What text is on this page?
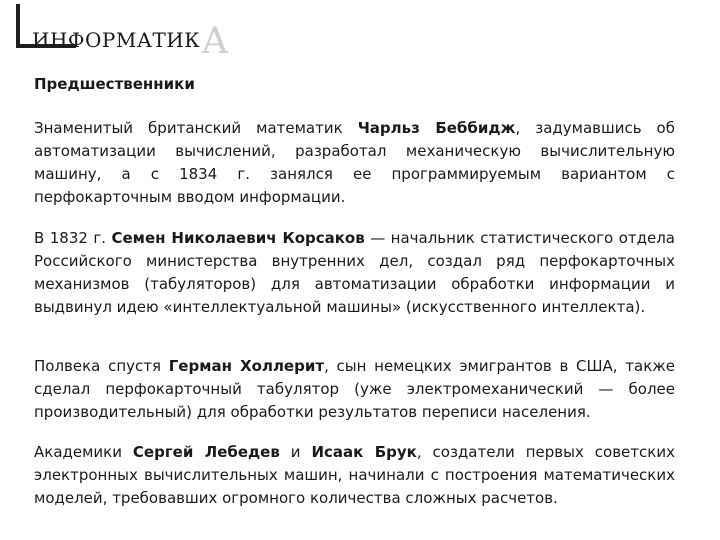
ИНФОРМАТИКА
Предшественники

Знаменитый британский математик Чарльз Беббидж, задумавшись об автоматизации вычислений, разработал механическую вычислительную машину, а с 1834 г. занялся ее программируемым вариантом с перфокарточным вводом информации.

В 1832 г. Семен Николаевич Корсаков — начальник статистического отдела Российского министерства внутренних дел, создал ряд перфокарточных механизмов (табуляторов) для автоматизации обработки информации и выдвинул идею «интеллектуальной машины» (искусственного интеллекта).

Полвека спустя Герман Холлерит, сын немецких эмигрантов в США, также сделал перфокарточный табулятор (уже электромеханический — более производительный) для обработки результатов переписи населения.

Академики Сергей Лебедев и Исаак Брук, создатели первых советских электронных вычислительных машин, начинали с построения математических моделей, требовавших огромного количества сложных расчетов.
